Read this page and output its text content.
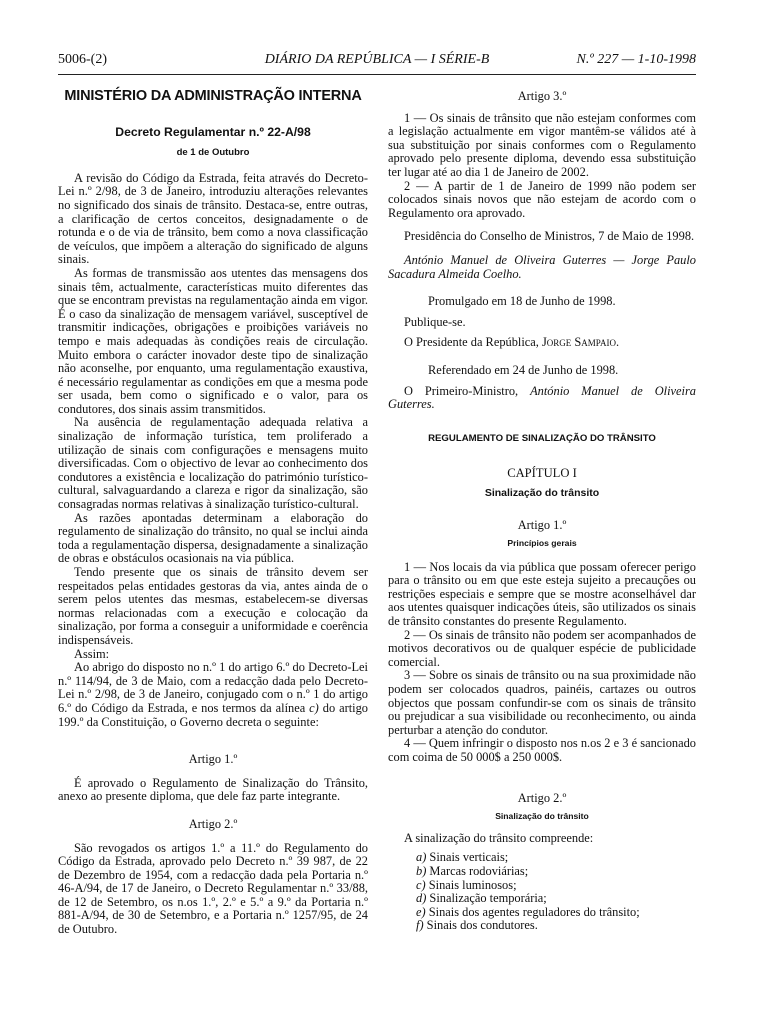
5006-(2)	DIÁRIO DA REPÚBLICA — I SÉRIE-B	N.º 227 — 1-10-1998

MINISTÉRIO DA ADMINISTRAÇÃO INTERNA

Decreto Regulamentar n.º 22-A/98

de 1 de Outubro

A revisão do Código da Estrada, feita através do Decreto-Lei n.º 2/98, de 3 de Janeiro, introduziu alterações relevantes no significado dos sinais de trânsito. Destaca-se, entre outras, a clarificação de certos conceitos, designadamente o de rotunda e o de via de trânsito, bem como a nova classificação de veículos, que impõem a alteração do significado de alguns sinais.

As formas de transmissão aos utentes das mensagens dos sinais têm, actualmente, características muito diferentes das que se encontram previstas na regulamentação ainda em vigor. É o caso da sinalização de mensagem variável, susceptível de transmitir indicações, obrigações e proibições variáveis no tempo e mais adequadas às condições reais de circulação. Muito embora o carácter inovador deste tipo de sinalização não aconselhe, por enquanto, uma regulamentação exaustiva, é necessário regulamentar as condições em que a mesma pode ser usada, bem como o significado e o valor, para os condutores, dos sinais assim transmitidos.

Na ausência de regulamentação adequada relativa a sinalização de informação turística, tem proliferado a utilização de sinais com configurações e mensagens muito diversificadas. Com o objectivo de levar ao conhecimento dos condutores a existência e localização do património turístico-cultural, salvaguardando a clareza e rigor da sinalização, são consagradas normas relativas à sinalização turístico-cultural.

As razões apontadas determinam a elaboração do regulamento de sinalização do trânsito, no qual se inclui ainda toda a regulamentação dispersa, designadamente a sinalização de obras e obstáculos ocasionais na via pública.

Tendo presente que os sinais de trânsito devem ser respeitados pelas entidades gestoras da via, antes ainda de o serem pelos utentes das mesmas, estabelecem-se diversas normas relacionadas com a execução e colocação da sinalização, por forma a conseguir a uniformidade e coerência indispensáveis.

Assim:

Ao abrigo do disposto no n.º 1 do artigo 6.º do Decreto-Lei n.º 114/94, de 3 de Maio, com a redacção dada pelo Decreto-Lei n.º 2/98, de 3 de Janeiro, conjugado com o n.º 1 do artigo 6.º do Código da Estrada, e nos termos da alínea c) do artigo 199.º da Constituição, o Governo decreta o seguinte:

Artigo 1.º

É aprovado o Regulamento de Sinalização do Trânsito, anexo ao presente diploma, que dele faz parte integrante.

Artigo 2.º

São revogados os artigos 1.º a 11.º do Regulamento do Código da Estrada, aprovado pelo Decreto n.º 39 987, de 22 de Dezembro de 1954, com a redacção dada pela Portaria n.º 46-A/94, de 17 de Janeiro, o Decreto Regulamentar n.º 33/88, de 12 de Setembro, os n.os 1.º, 2.º e 5.º a 9.º da Portaria n.º 881-A/94, de 30 de Setembro, e a Portaria n.º 1257/95, de 24 de Outubro.

Artigo 3.º

1 — Os sinais de trânsito que não estejam conformes com a legislação actualmente em vigor mantêm-se válidos até à sua substituição por sinais conformes com o Regulamento aprovado pelo presente diploma, devendo essa substituição ter lugar até ao dia 1 de Janeiro de 2002.

2 — A partir de 1 de Janeiro de 1999 não podem ser colocados sinais novos que não estejam de acordo com o Regulamento ora aprovado.

Presidência do Conselho de Ministros, 7 de Maio de 1998.

António Manuel de Oliveira Guterres — Jorge Paulo Sacadura Almeida Coelho.

Promulgado em 18 de Junho de 1998.

Publique-se.

O Presidente da República, Jorge Sampaio.

Referendado em 24 de Junho de 1998.

O Primeiro-Ministro, António Manuel de Oliveira Guterres.

REGULAMENTO DE SINALIZAÇÃO DO TRÂNSITO

CAPÍTULO I

Sinalização do trânsito

Artigo 1.º

Princípios gerais

1 — Nos locais da via pública que possam oferecer perigo para o trânsito ou em que este esteja sujeito a precauções ou restrições especiais e sempre que se mostre aconselhável dar aos utentes quaisquer indicações úteis, são utilizados os sinais de trânsito constantes do presente Regulamento.

2 — Os sinais de trânsito não podem ser acompanhados de motivos decorativos ou de qualquer espécie de publicidade comercial.

3 — Sobre os sinais de trânsito ou na sua proximidade não podem ser colocados quadros, painéis, cartazes ou outros objectos que possam confundir-se com os sinais de trânsito ou prejudicar a sua visibilidade ou reconhecimento, ou ainda perturbar a atenção do condutor.

4 — Quem infringir o disposto nos n.os 2 e 3 é sancionado com coima de 50 000$ a 250 000$.

Artigo 2.º

Sinalização do trânsito

A sinalização do trânsito compreende:

a) Sinais verticais;
b) Marcas rodoviárias;
c) Sinais luminosos;
d) Sinalização temporária;
e) Sinais dos agentes reguladores do trânsito;
f) Sinais dos condutores.
